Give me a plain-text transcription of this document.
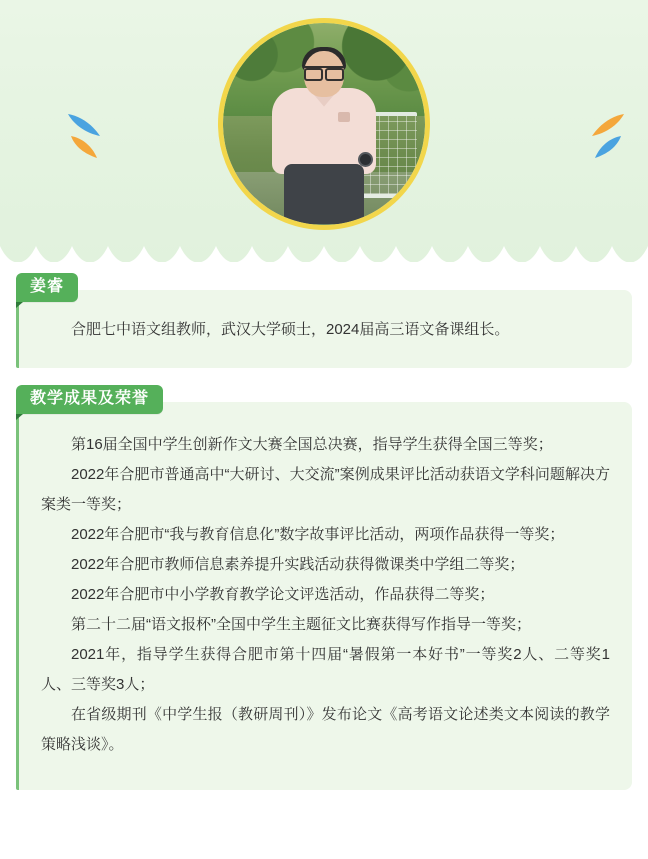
姜睿

合肥七中语文组教师，武汉大学硕士，2024届高三语文备课组长。

教学成果及荣誉

第16届全国中学生创新作文大赛全国总决赛，指导学生获得全国三等奖；

2022年合肥市普通高中“大研讨、大交流”案例成果评比活动获语文学科问题解决方案类一等奖；

2022年合肥市“我与教育信息化”数字故事评比活动，两项作品获得一等奖；

2022年合肥市教师信息素养提升实践活动获得微课类中学组二等奖；

2022年合肥市中小学教育教学论文评选活动，作品获得二等奖；

第二十二届“语文报杯”全国中学生主题征文比赛获得写作指导一等奖；

2021年，指导学生获得合肥市第十四届“暑假第一本好书”一等奖2人、二等奖1人、三等奖3人；

在省级期刊《中学生报（教研周刊）》发布论文《高考语文论述类文本阅读的教学策略浅谈》。
